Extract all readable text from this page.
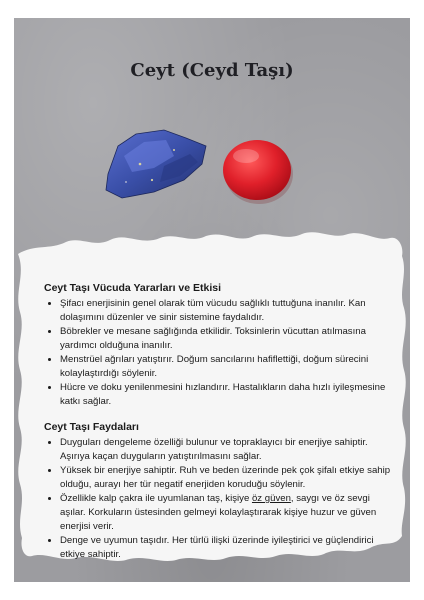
Ceyt (Ceyd Taşı)
Ceyt Taşı Vücuda Yararları ve Etkisi
• Şifacı enerjisinin genel olarak tüm vücudu sağlıklı tuttuğuna inanılır. Kan dolaşımını düzenler ve sinir sistemine faydalıdır.
• Böbrekler ve mesane sağlığında etkilidir. Toksinlerin vücuttan atılmasına yardımcı olduğuna inanılır.
• Menstrüel ağrıları yatıştırır. Doğum sancılarını hafiflettiği, doğum sürecini kolaylaştırdığı söylenir.
• Hücre ve doku yenilenmesini hızlandırır. Hastalıkların daha hızlı iyileşmesine katkı sağlar.
Ceyt Taşı Faydaları
• Duyguları dengeleme özelliği bulunur ve topraklayıcı bir enerjiye sahiptir. Aşırıya kaçan duyguların yatıştırılmasını sağlar.
• Yüksek bir enerjiye sahiptir. Ruh ve beden üzerinde pek çok şifalı etkiye sahip olduğu, aurayı her tür negatif enerjiden koruduğu söylenir.
• Özellikle kalp çakra ile uyumlanan taş, kişiye öz güven, saygı ve öz sevgi aşılar. Korkuların üstesinden gelmeyi kolaylaştırarak kişiye huzur ve güven enerjisi verir.
• Denge ve uyumun taşıdır. Her türlü ilişki üzerinde iyileştirici ve güçlendirici etkiye sahiptir.
